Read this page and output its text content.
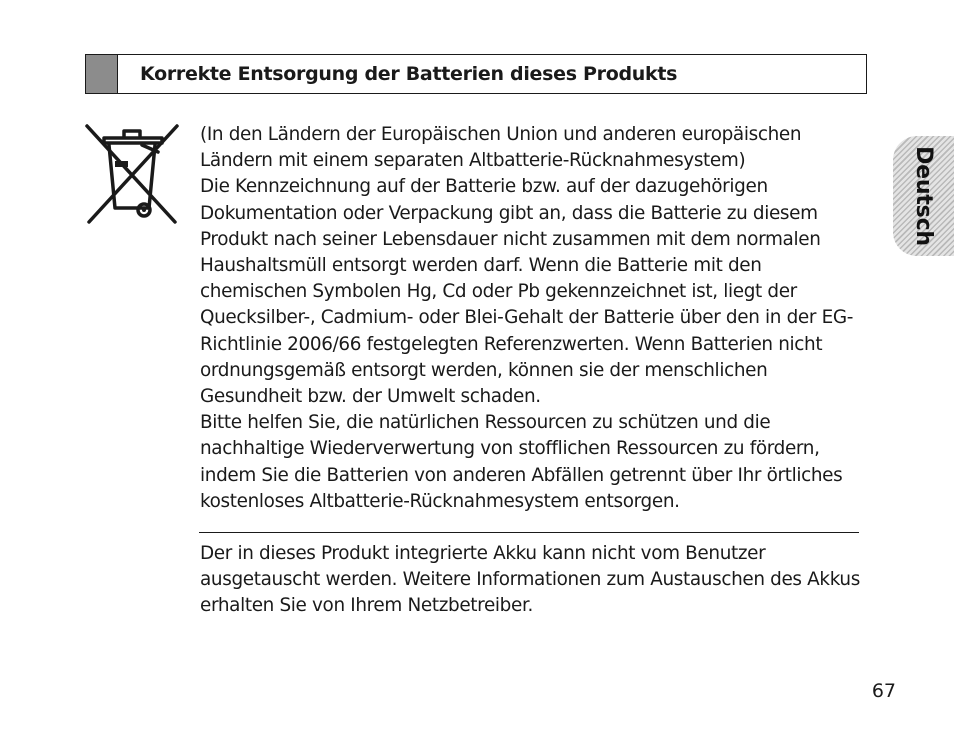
Korrekte Entsorgung der Batterien dieses Produkts

(In den Ländern der Europäischen Union und anderen europäischen Ländern mit einem separaten Altbatterie-Rücknahmesystem)

Die Kennzeichnung auf der Batterie bzw. auf der dazugehörigen Dokumentation oder Verpackung gibt an, dass die Batterie zu diesem Produkt nach seiner Lebensdauer nicht zusammen mit dem normalen Haushaltsmüll entsorgt werden darf. Wenn die Batterie mit den chemischen Symbolen Hg, Cd oder Pb gekennzeichnet ist, liegt der Quecksilber-, Cadmium- oder Blei-Gehalt der Batterie über den in der EG-Richtlinie 2006/66 festgelegten Referenzwerten. Wenn Batterien nicht ordnungsgemäß entsorgt werden, können sie der menschlichen Gesundheit bzw. der Umwelt schaden.

Bitte helfen Sie, die natürlichen Ressourcen zu schützen und die nachhaltige Wiederverwertung von stofflichen Ressourcen zu fördern, indem Sie die Batterien von anderen Abfällen getrennt über Ihr örtliches kostenloses Altbatterie-Rücknahmesystem entsorgen.

Der in dieses Produkt integrierte Akku kann nicht vom Benutzer ausgetauscht werden. Weitere Informationen zum Austauschen des Akkus erhalten Sie von Ihrem Netzbetreiber.

Deutsch
67
